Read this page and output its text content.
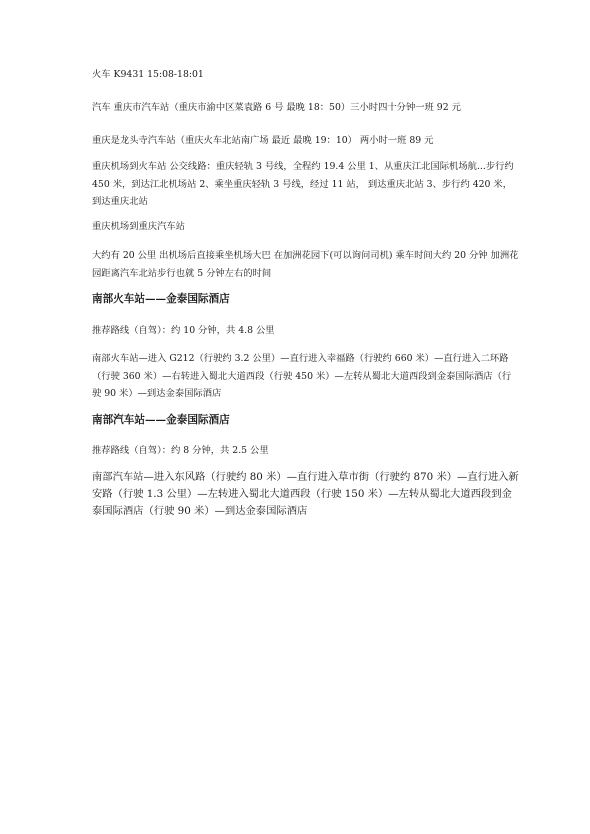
火车 K9431 15:08-18:01

汽车 重庆市汽车站（重庆市渝中区菜袁路 6 号 最晚 18：50）三小时四十分钟一班 92 元

重庆是龙头寺汽车站（重庆火车北站南广场 最近 最晚 19：10） 两小时一班 89 元

重庆机场到火车站 公交线路：重庆轻轨 3 号线，全程约 19.4 公里 1、从重庆江北国际机场航...步行约 450 米，到达江北机场站 2、乘坐重庆轻轨 3 号线，经过 11 站， 到达重庆北站 3、步行约 420 米，到达重庆北站

重庆机场到重庆汽车站

大约有 20 公里 出机场后直接乘坐机场大巴 在加洲花园下(可以询问司机) 乘车时间大约 20 分钟 加洲花园距离汽车北站步行也就 5 分钟左右的时间

南部火车站——金泰国际酒店

推荐路线（自驾）：约 10 分钟，共 4.8 公里

南部火车站—进入 G212（行驶约 3.2 公里）—直行进入幸福路（行驶约 660 米）—直行进入二环路（行驶 360 米）—右转进入蜀北大道西段（行驶 450 米）—左转从蜀北大道西段到金泰国际酒店（行驶 90 米）—到达金泰国际酒店

南部汽车站——金泰国际酒店

推荐路线（自驾）：约 8 分钟，共 2.5 公里

南部汽车站—进入东风路（行驶约 80 米）—直行进入草市街（行驶约 870 米）—直行进入新安路（行驶 1.3 公里）—左转进入蜀北大道西段（行驶 150 米）—左转从蜀北大道西段到金泰国际酒店（行驶 90 米）—到达金泰国际酒店
